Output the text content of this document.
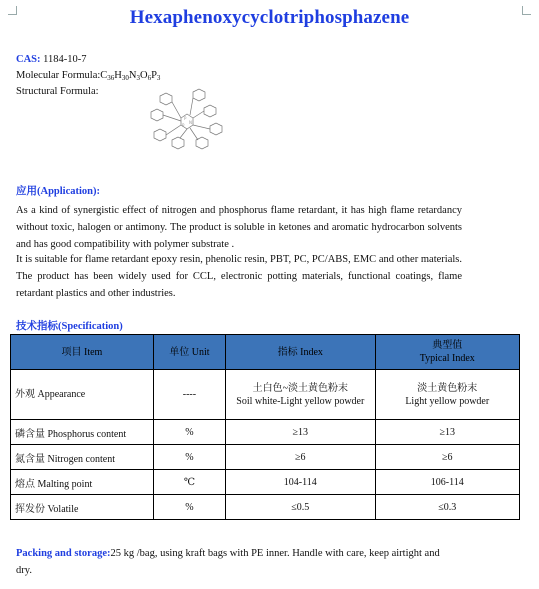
Hexaphenoxycyclotriphosphazene
CAS: 1184-10-7
Molecular $Formula:C_{36}H_{30}N_3O_6P_3$
Structural Formula:
P
N
P
应用(Application):
As a kind of synergistic effect of nitrogen and phosphorus flame retardant, it has high flame retardancy without toxic, halogen or antimony. The product is soluble in ketones and aromatic hydrocarbon solvents and has good compatibility with polymer substrate .
It is suitable for flame retardant epoxy resin, phenolic resin, PBT, PC, PC/ABS, EMC and other materials. The product has been widely used for CCL, electronic potting materials, functional coatings, flame retardant plastics and other industries.
技术指标(Specification)
项目 Item	单位 Unit	指标 Index	典型值
Typical Index
外观 Appearance	----	土白色~淡土黄色粉末
Soil white-Light yellow powder	淡土黄色粉末
Light yellow powder
磷含量 Phosphorus content	%	≥13	≥13
氮含量 Nitrogen content	%	≥6	≥6
熔点 Malting point	℃	104-114	106-114
挥发份 Volatile	%	≤0.5	≤0.3
Packing and storage:25 kg /bag, using kraft bags with PE inner. Handle with care, keep airtight and dry.
